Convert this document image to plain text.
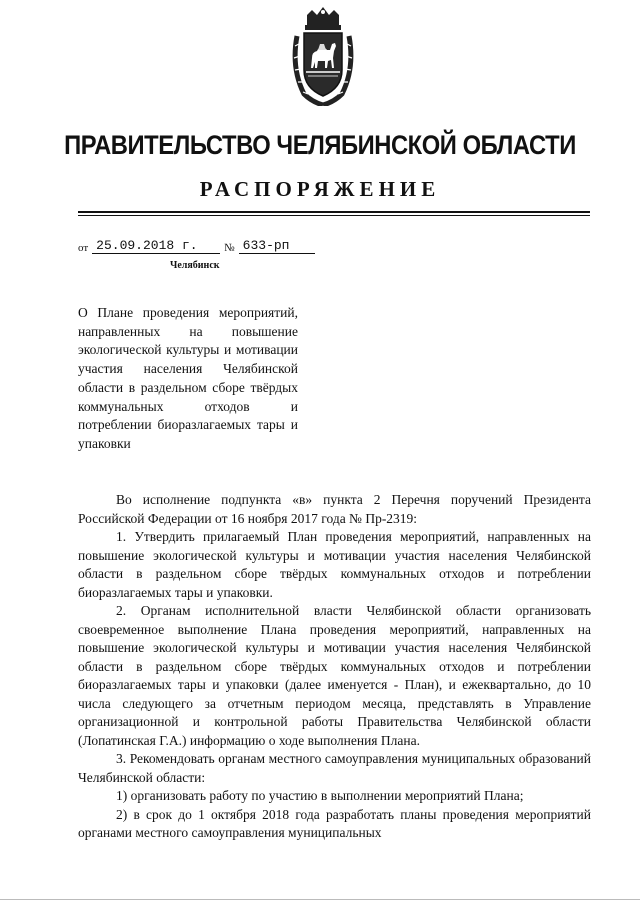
ПРАВИТЕЛЬСТВО ЧЕЛЯБИНСКОЙ ОБЛАСТИ
РАСПОРЯЖЕНИЕ
от 25.09.2018 г.	№ 633-рп
Челябинск
О Плане проведения мероприятий, направленных на повышение экологической культуры и мотивации участия населения Челябинской области в раздельном сборе твёрдых коммунальных отходов и потреблении биоразлагаемых тары и упаковки

Во исполнение подпункта «в» пункта 2 Перечня поручений Президента Российской Федерации от 16 ноября 2017 года № Пр-2319:

1. Утвердить прилагаемый План проведения мероприятий, направленных на повышение экологической культуры и мотивации участия населения Челябинской области в раздельном сборе твёрдых коммунальных отходов и потреблении биоразлагаемых тары и упаковки.

2. Органам исполнительной власти Челябинской области организовать своевременное выполнение Плана проведения мероприятий, направленных на повышение экологической культуры и мотивации участия населения Челябинской области в раздельном сборе твёрдых коммунальных отходов и потреблении биоразлагаемых тары и упаковки (далее именуется - План), и ежеквартально, до 10 числа следующего за отчетным периодом месяца, представлять в Управление организационной и контрольной работы Правительства Челябинской области (Лопатинская Г.А.) информацию о ходе выполнения Плана.

3. Рекомендовать органам местного самоуправления муниципальных образований Челябинской области:

1) организовать работу по участию в выполнении мероприятий Плана;

2) в срок до 1 октября 2018 года разработать планы проведения мероприятий органами местного самоуправления муниципальных
